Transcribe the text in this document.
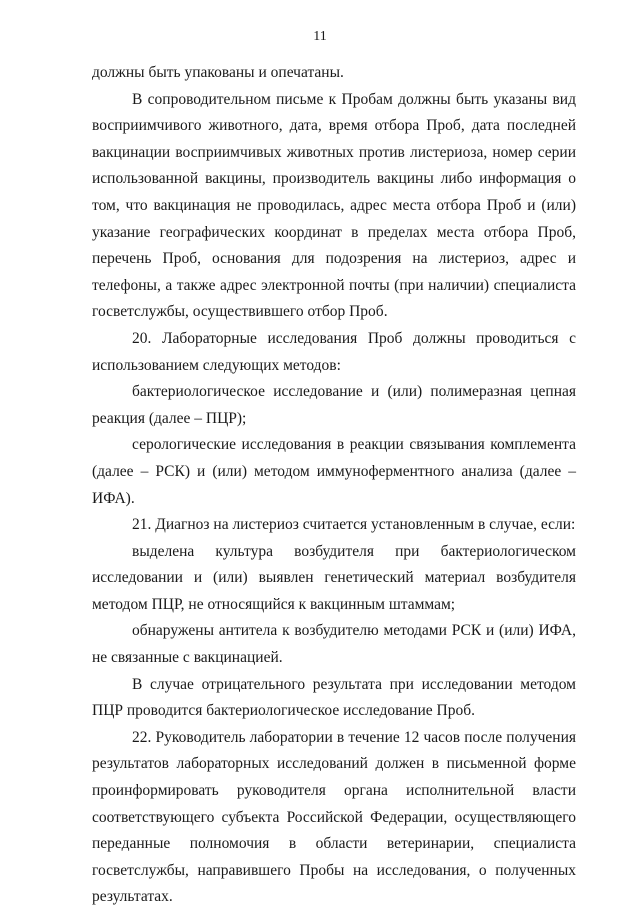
11

должны быть упакованы и опечатаны.

В сопроводительном письме к Пробам должны быть указаны вид восприимчивого животного, дата, время отбора Проб, дата последней вакцинации восприимчивых животных против листериоза, номер серии использованной вакцины, производитель вакцины либо информация о том, что вакцинация не проводилась, адрес места отбора Проб и (или) указание географических координат в пределах места отбора Проб, перечень Проб, основания для подозрения на листериоз, адрес и телефоны, а также адрес электронной почты (при наличии) специалиста госветслужбы, осуществившего отбор Проб.

20. Лабораторные исследования Проб должны проводиться с использованием следующих методов:

бактериологическое исследование и (или) полимеразная цепная реакция (далее – ПЦР);

серологические исследования в реакции связывания комплемента (далее – РСК) и (или) методом иммуноферментного анализа (далее – ИФА).

21. Диагноз на листериоз считается установленным в случае, если:

выделена культура возбудителя при бактериологическом исследовании и (или) выявлен генетический материал возбудителя методом ПЦР, не относящийся к вакцинным штаммам;

обнаружены антитела к возбудителю методами РСК и (или) ИФА, не связанные с вакцинацией.

В случае отрицательного результата при исследовании методом ПЦР проводится бактериологическое исследование Проб.

22. Руководитель лаборатории в течение 12 часов после получения результатов лабораторных исследований должен в письменной форме проинформировать руководителя органа исполнительной власти соответствующего субъекта Российской Федерации, осуществляющего переданные полномочия в области ветеринарии, специалиста госветслужбы, направившего Пробы на исследования, о полученных результатах.
